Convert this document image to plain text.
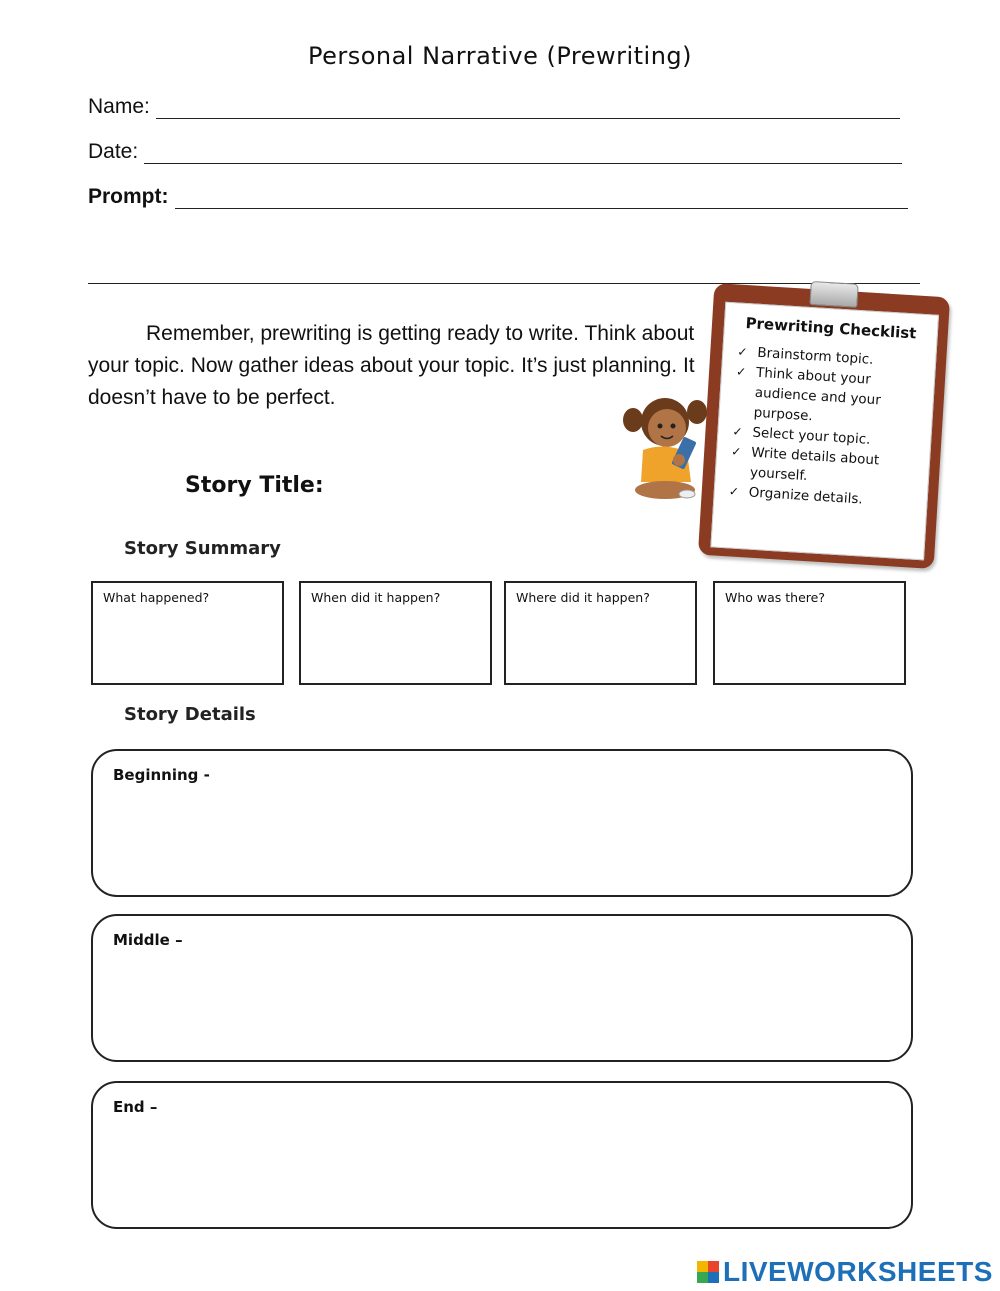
Personal Narrative (Prewriting)
Name:
Date:
Prompt:
Remember, prewriting is getting ready to write. Think about your topic. Now gather ideas about your topic. It’s just planning. It doesn’t have to be perfect.
Prewriting Checklist
✓ Brainstorm topic.
✓ Think about your audience and your purpose.
✓ Select your topic.
✓ Write details about yourself.
✓ Organize details.
Story Title:
Story Summary
What happened?	When did it happen?	Where did it happen?	Who was there?
Story Details
Beginning -
Middle –
End –
LIVEWORKSHEETS
